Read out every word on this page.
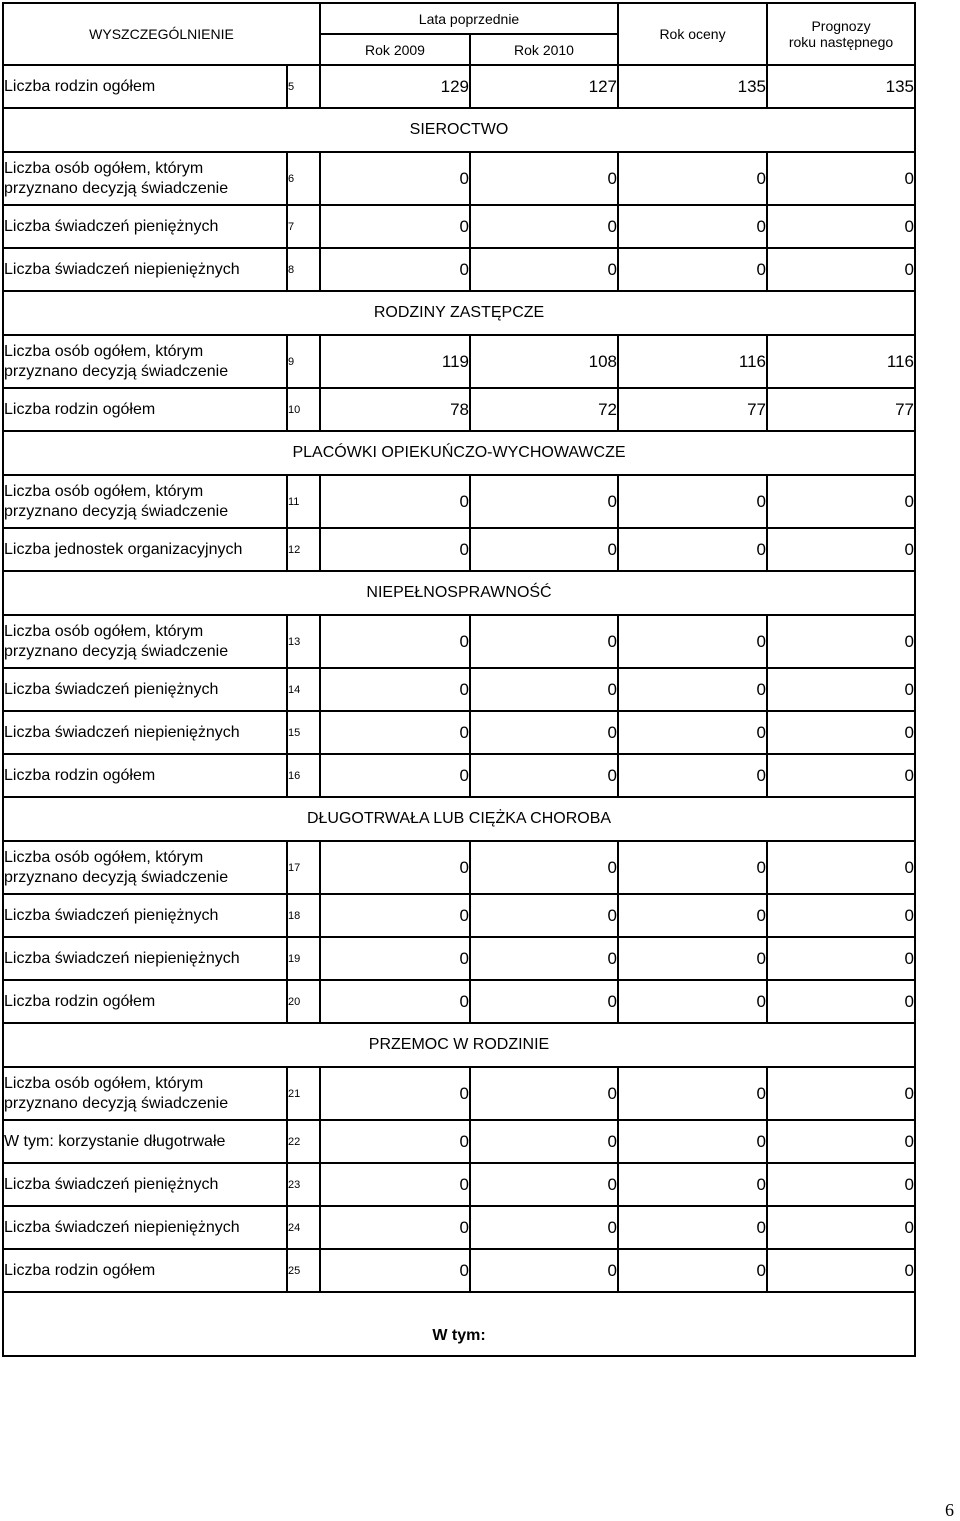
WYSZCZEGÓLNIENIE		Lata poprzednie		Rok oceny	Prognozy
roku następnego
		Rok 2009	Rok 2010		
Liczba rodzin ogółem	5	129	127	135	135
SIEROCTWO					
Liczba osób ogółem, którym
przyznano decyzją świadczenie	6	0	0	0	0
Liczba świadczeń pieniężnych	7	0	0	0	0
Liczba świadczeń niepieniężnych	8	0	0	0	0
RODZINY ZASTĘPCZE					
Liczba osób ogółem, którym
przyznano decyzją świadczenie	9	119	108	116	116
Liczba rodzin ogółem	10	78	72	77	77
PLACÓWKI OPIEKUŃCZO-WYCHOWAWCZE					
Liczba osób ogółem, którym
przyznano decyzją świadczenie	11	0	0	0	0
Liczba jednostek organizacyjnych	12	0	0	0	0
NIEPEŁNOSPRAWNOŚĆ					
Liczba osób ogółem, którym
przyznano decyzją świadczenie	13	0	0	0	0
Liczba świadczeń pieniężnych	14	0	0	0	0
Liczba świadczeń niepieniężnych	15	0	0	0	0
Liczba rodzin ogółem	16	0	0	0	0
DŁUGOTRWAŁA LUB CIĘŻKA CHOROBA					
Liczba osób ogółem, którym
przyznano decyzją świadczenie	17	0	0	0	0
Liczba świadczeń pieniężnych	18	0	0	0	0
Liczba świadczeń niepieniężnych	19	0	0	0	0
Liczba rodzin ogółem	20	0	0	0	0
PRZEMOC W RODZINIE					
Liczba osób ogółem, którym
przyznano decyzją świadczenie	21	0	0	0	0
W tym: korzystanie długotrwałe	22	0	0	0	0
Liczba świadczeń pieniężnych	23	0	0	0	0
Liczba świadczeń niepieniężnych	24	0	0	0	0
Liczba rodzin ogółem	25	0	0	0	0
W tym:					
6
